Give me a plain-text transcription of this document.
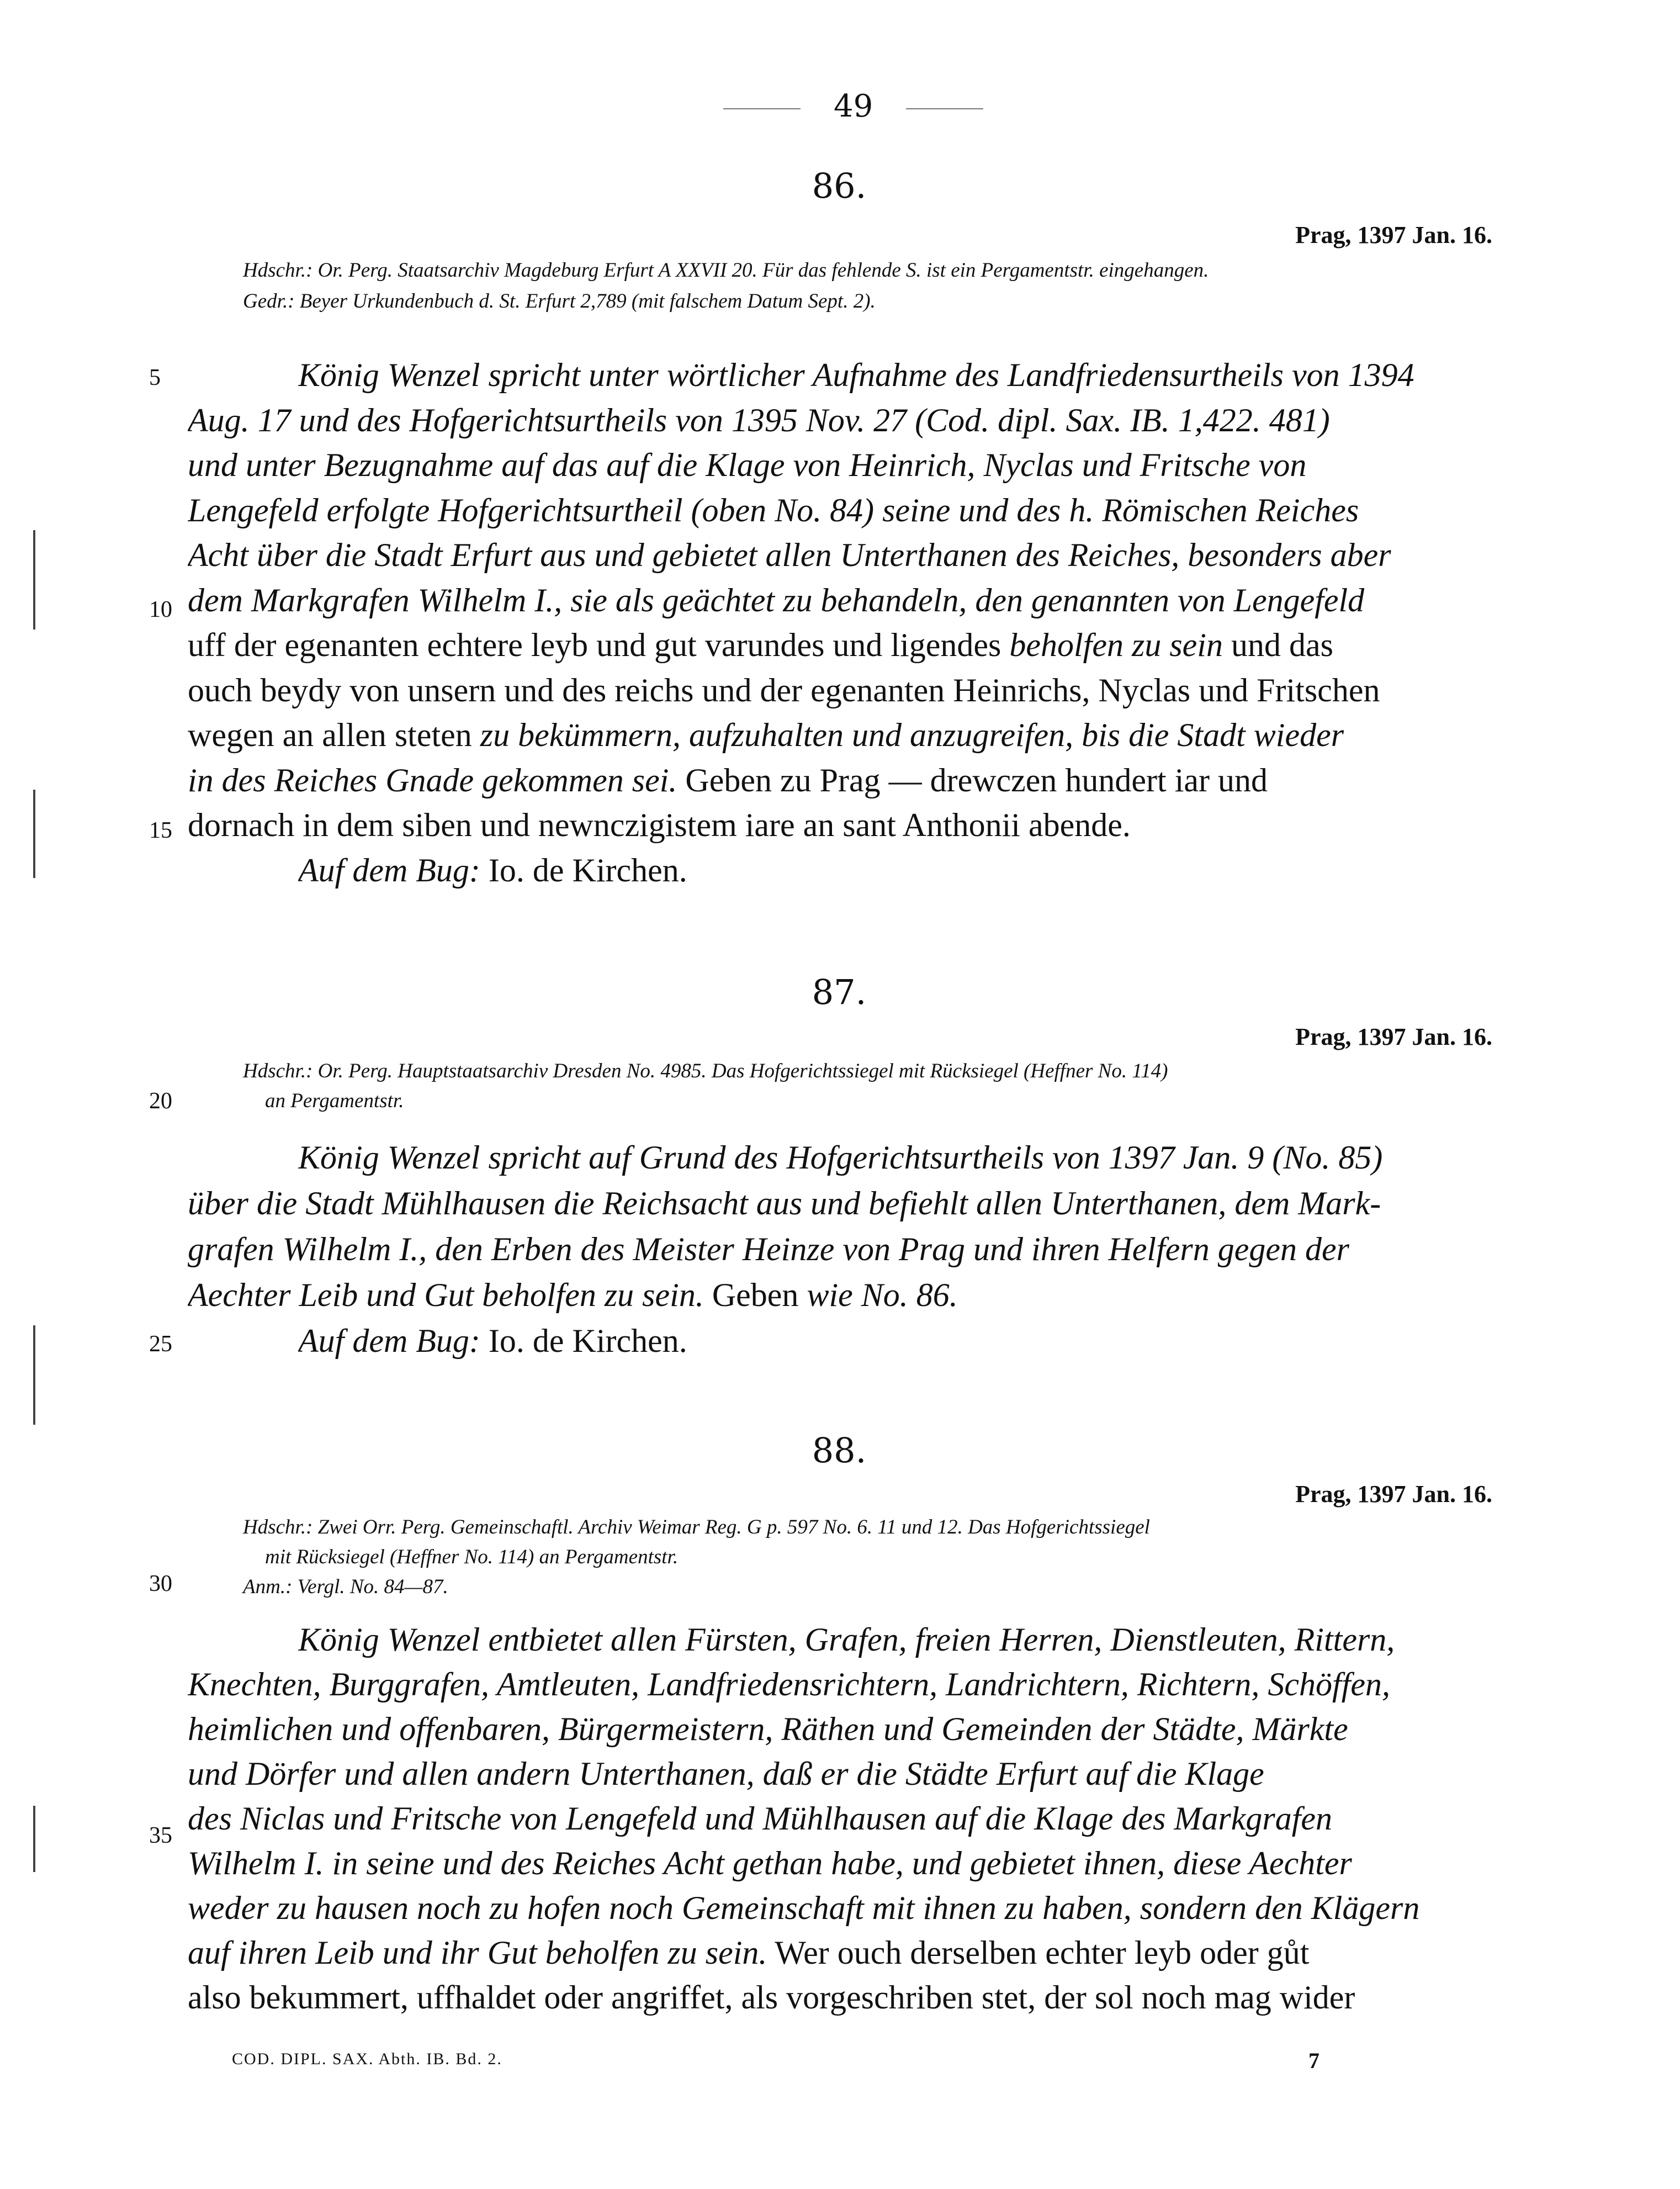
49
86.
Prag, 1397 Jan. 16.
Hdschr.: Or. Perg. Staatsarchiv Magdeburg Erfurt A XXVII 20. Für das fehlende S. ist ein Pergamentstr. eingehangen.
Gedr.: Beyer Urkundenbuch d. St. Erfurt 2,789 (mit falschem Datum Sept. 2).
König Wenzel spricht unter wörtlicher Aufnahme des Landfriedensurtheils von 1394
Aug. 17 und des Hofgerichtsurtheils von 1395 Nov. 27 (Cod. dipl. Sax. IB. 1,422. 481)
und unter Bezugnahme auf das auf die Klage von Heinrich, Nyclas und Fritsche von
Lengefeld erfolgte Hofgerichtsurtheil (oben No. 84) seine und des h. Römischen Reiches
Acht über die Stadt Erfurt aus und gebietet allen Unterthanen des Reiches, besonders aber
dem Markgrafen Wilhelm I., sie als geächtet zu behandeln, den genannten von Lengefeld
uff der egenanten echtere leyb und gut varundes und ligendes beholfen zu sein und das
ouch beydy von unsern und des reichs und der egenanten Heinrichs, Nyclas und Fritschen
wegen an allen steten zu bekümmern, aufzuhalten und anzugreifen, bis die Stadt wieder
in des Reiches Gnade gekommen sei. Geben zu Prag — drewczen hundert iar und
dornach in dem siben und newnczigistem iare an sant Anthonii abende.
Auf dem Bug: Io. de Kirchen.
87.
Prag, 1397 Jan. 16.
Hdschr.: Or. Perg. Hauptstaatsarchiv Dresden No. 4985. Das Hofgerichtssiegel mit Rücksiegel (Heffner No. 114)
an Pergamentstr.
König Wenzel spricht auf Grund des Hofgerichtsurtheils von 1397 Jan. 9 (No. 85)
über die Stadt Mühlhausen die Reichsacht aus und befiehlt allen Unterthanen, dem Mark-
grafen Wilhelm I., den Erben des Meister Heinze von Prag und ihren Helfern gegen der
Aechter Leib und Gut beholfen zu sein. Geben wie No. 86.
Auf dem Bug: Io. de Kirchen.
88.
Prag, 1397 Jan. 16.
Hdschr.: Zwei Orr. Perg. Gemeinschaftl. Archiv Weimar Reg. G p. 597 No. 6. 11 und 12. Das Hofgerichtssiegel
mit Rücksiegel (Heffner No. 114) an Pergamentstr.
Anm.: Vergl. No. 84—87.
König Wenzel entbietet allen Fürsten, Grafen, freien Herren, Dienstleuten, Rittern,
Knechten, Burggrafen, Amtleuten, Landfriedensrichtern, Landrichtern, Richtern, Schöffen,
heimlichen und offenbaren, Bürgermeistern, Räthen und Gemeinden der Städte, Märkte
und Dörfer und allen andern Unterthanen, daß er die Städte Erfurt auf die Klage
des Niclas und Fritsche von Lengefeld und Mühlhausen auf die Klage des Markgrafen
Wilhelm I. in seine und des Reiches Acht gethan habe, und gebietet ihnen, diese Aechter
weder zu hausen noch zu hofen noch Gemeinschaft mit ihnen zu haben, sondern den Klägern
auf ihren Leib und ihr Gut beholfen zu sein. Wer ouch derselben echter leyb oder gůt
also bekummert, uffhaldet oder angriffet, als vorgeschriben stet, der sol noch mag wider
5
10
15
20
25
30
35
COD. DIPL. SAX. Abth. IB. Bd. 2.	7
